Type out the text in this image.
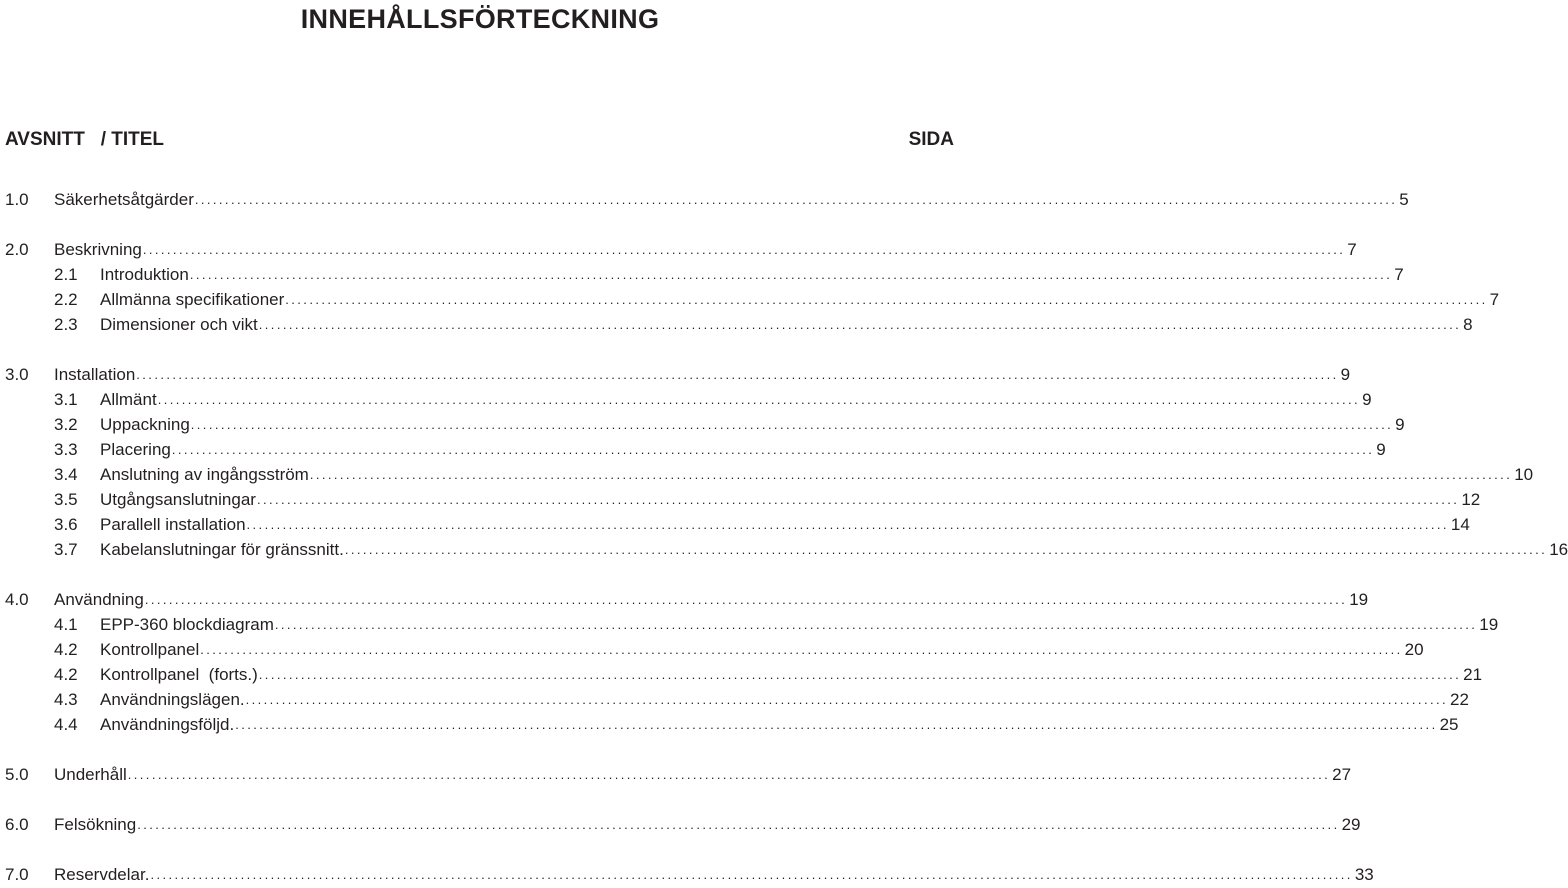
INNEHÅLLSFÖRTECKNING
AVSNITT   / TITEL	SIDA
1.0 Säkerhetsåtgärder ........................................................................................................................................................................................................ 5
2.0 Beskrivning ........................................................................................................................................................................................................ 7
2.1 Introduktion ........................................................................................................................................................................................................ 7
2.2 Allmänna specifikationer ........................................................................................................................................................................................................ 7
2.3 Dimensioner och vikt ........................................................................................................................................................................................................ 8
3.0 Installation ........................................................................................................................................................................................................ 9
3.1 Allmänt ........................................................................................................................................................................................................ 9
3.2 Uppackning ........................................................................................................................................................................................................ 9
3.3 Placering ........................................................................................................................................................................................................ 9
3.4 Anslutning av ingångsström ........................................................................................................................................................................................................ 10
3.5 Utgångsanslutningar ........................................................................................................................................................................................................ 12
3.6 Parallell installation ........................................................................................................................................................................................................ 14
3.7 Kabelanslutningar för gränssnitt. ........................................................................................................................................................................................................ 16
4.0 Användning ........................................................................................................................................................................................................ 19
4.1 EPP-360 blockdiagram ........................................................................................................................................................................................................ 19
4.2 Kontrollpanel ........................................................................................................................................................................................................ 20
4.2 Kontrollpanel  (forts.) ........................................................................................................................................................................................................ 21
4.3 Användningslägen. ........................................................................................................................................................................................................ 22
4.4 Användningsföljd. ........................................................................................................................................................................................................ 25
5.0 Underhåll ........................................................................................................................................................................................................ 27
6.0 Felsökning ........................................................................................................................................................................................................ 29
7.0 Reservdelar. ........................................................................................................................................................................................................ 33
